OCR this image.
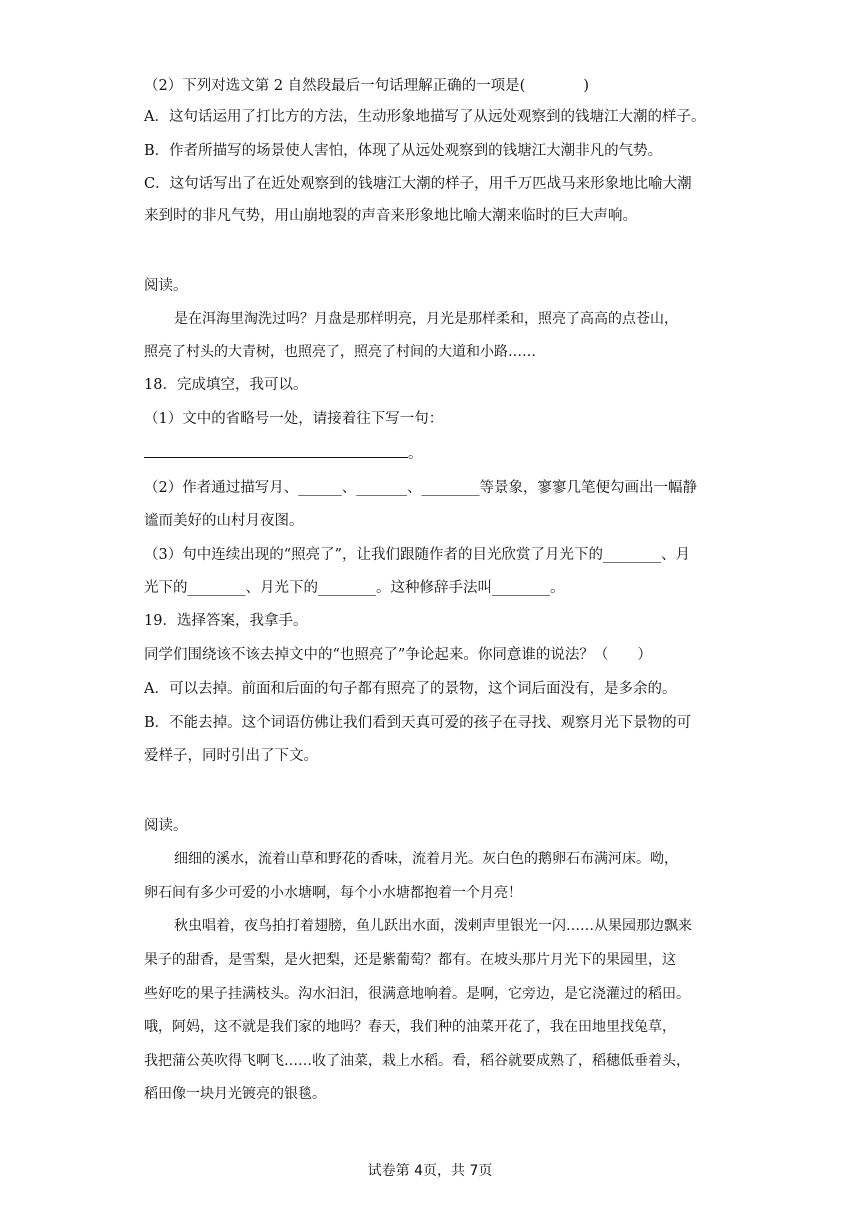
（2）下列对选文第 2 自然段最后一句话理解正确的一项是(　　　　)
A．这句话运用了打比方的方法，生动形象地描写了从远处观察到的钱塘江大潮的样子。
B．作者所描写的场景使人害怕，体现了从远处观察到的钱塘江大潮非凡的气势。
C．这句话写出了在近处观察到的钱塘江大潮的样子，用千万匹战马来形象地比喻大潮
来到时的非凡气势，用山崩地裂的声音来形象地比喻大潮来临时的巨大声响。
阅读。
是在洱海里淘洗过吗？月盘是那样明亮，月光是那样柔和，照亮了高高的点苍山，
照亮了村头的大青树，也照亮了，照亮了村间的大道和小路……
18．完成填空，我可以。
（1）文中的省略号一处，请接着往下写一句：
。
（2）作者通过描写月、______、_______、________等景象，寥寥几笔便勾画出一幅静
谧而美好的山村月夜图。
（3）句中连续出现的“照亮了”，让我们跟随作者的目光欣赏了月光下的________、月
光下的________、月光下的________。这种修辞手法叫________。
19．选择答案，我拿手。
同学们围绕该不该去掉文中的“也照亮了”争论起来。你同意谁的说法？（　　）
A．可以去掉。前面和后面的句子都有照亮了的景物，这个词后面没有，是多余的。
B．不能去掉。这个词语仿佛让我们看到天真可爱的孩子在寻找、观察月光下景物的可
爱样子，同时引出了下文。
阅读。
细细的溪水，流着山草和野花的香味，流着月光。灰白色的鹅卵石布满河床。呦，
卵石间有多少可爱的小水塘啊，每个小水塘都抱着一个月亮！
秋虫唱着，夜鸟拍打着翅膀，鱼儿跃出水面，泼剌声里银光一闪……从果园那边飘来
果子的甜香，是雪梨，是火把梨，还是紫葡萄？都有。在坡头那片月光下的果园里，这
些好吃的果子挂满枝头。沟水汩汩，很满意地响着。是啊，它旁边，是它浇灌过的稻田。
哦，阿妈，这不就是我们家的地吗？春天，我们种的油菜开花了，我在田地里找兔草，
我把蒲公英吹得飞啊飞……收了油菜，栽上水稻。看，稻谷就要成熟了，稻穗低垂着头，
稻田像一块月光镀亮的银毯。
试卷第 4页，共 7页
